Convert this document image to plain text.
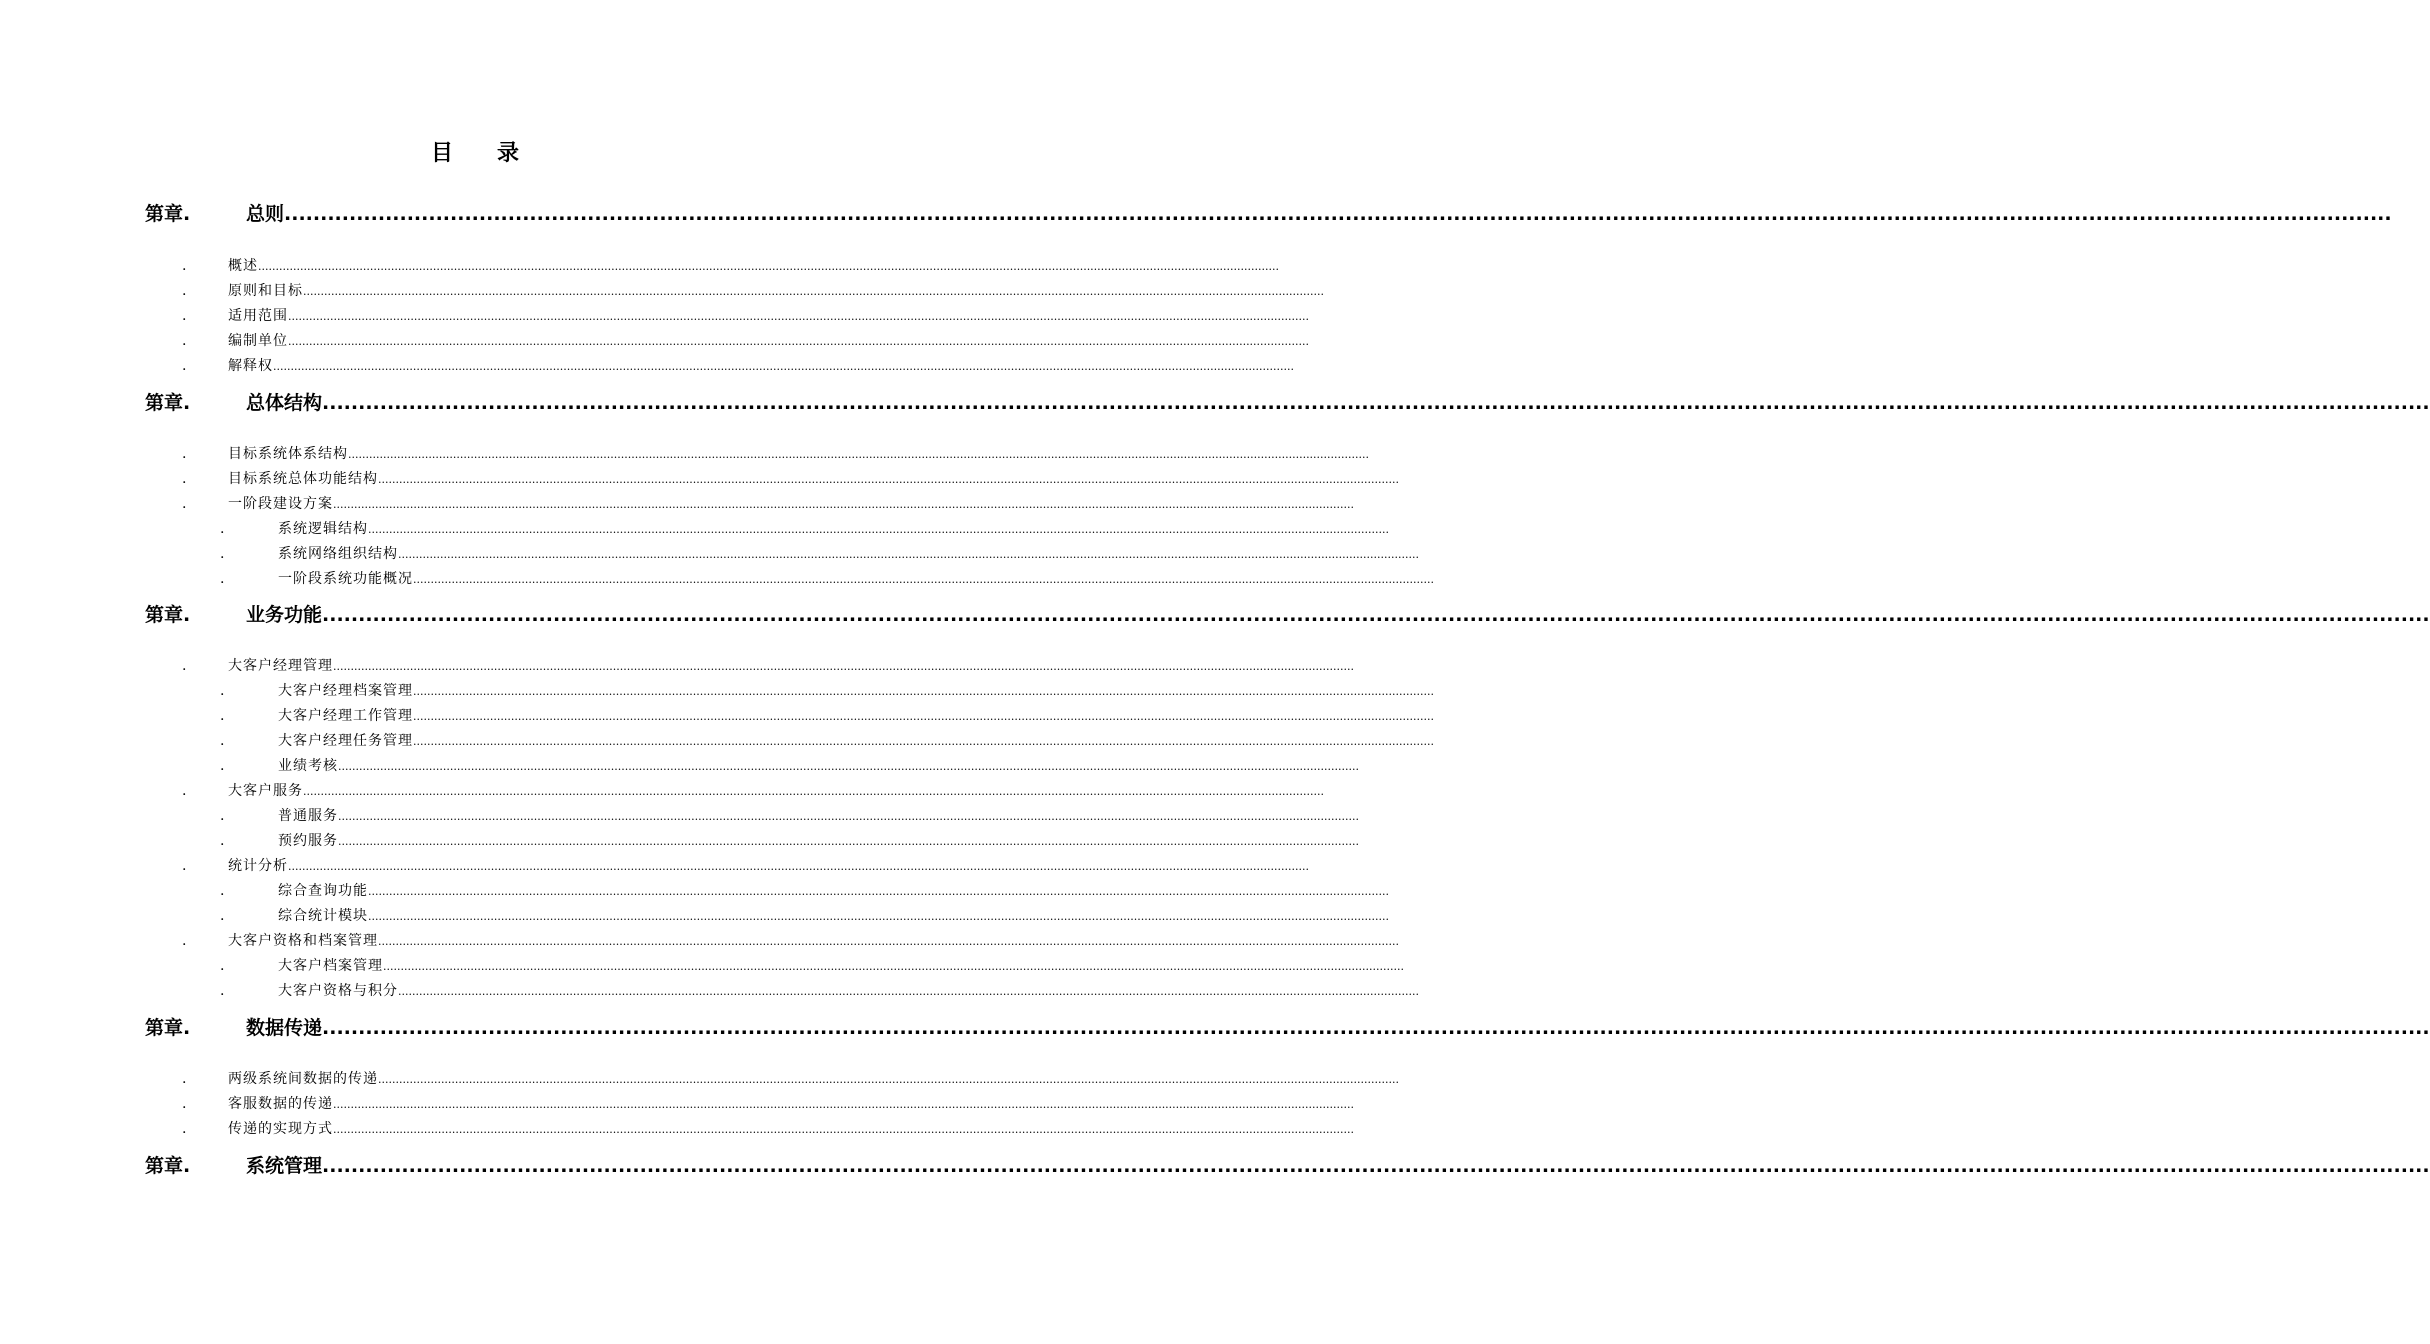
目 录
第章.	总则 ....................................................................................................................................................................................................................................................................................................
.	概述 ....................................................................................................................................................................................................................................................................................................
.	原则和目标 ....................................................................................................................................................................................................................................................................................................
.	适用范围 ....................................................................................................................................................................................................................................................................................................
.	编制单位 ....................................................................................................................................................................................................................................................................................................
.	解释权 ....................................................................................................................................................................................................................................................................................................
第章.	总体结构 ....................................................................................................................................................................................................................................................................................................
.	目标系统体系结构 ....................................................................................................................................................................................................................................................................................................
.	目标系统总体功能结构 ....................................................................................................................................................................................................................................................................................................
.	一阶段建设方案 ....................................................................................................................................................................................................................................................................................................
.	系统逻辑结构 ....................................................................................................................................................................................................................................................................................................
.	系统网络组织结构 ....................................................................................................................................................................................................................................................................................................
.	一阶段系统功能概况 ....................................................................................................................................................................................................................................................................................................
第章.	业务功能 ....................................................................................................................................................................................................................................................................................................
.	大客户经理管理 ....................................................................................................................................................................................................................................................................................................
.	大客户经理档案管理 ....................................................................................................................................................................................................................................................................................................
.	大客户经理工作管理 ....................................................................................................................................................................................................................................................................................................
.	大客户经理任务管理 ....................................................................................................................................................................................................................................................................................................
.	业绩考核 ....................................................................................................................................................................................................................................................................................................
.	大客户服务 ....................................................................................................................................................................................................................................................................................................
.	普通服务 ....................................................................................................................................................................................................................................................................................................
.	预约服务 ....................................................................................................................................................................................................................................................................................................
.	统计分析 ....................................................................................................................................................................................................................................................................................................
.	综合查询功能 ....................................................................................................................................................................................................................................................................................................
.	综合统计模块 ....................................................................................................................................................................................................................................................................................................
.	大客户资格和档案管理 ....................................................................................................................................................................................................................................................................................................
.	大客户档案管理 ....................................................................................................................................................................................................................................................................................................
.	大客户资格与积分 ....................................................................................................................................................................................................................................................................................................
第章.	数据传递 ....................................................................................................................................................................................................................................................................................................
.	两级系统间数据的传递 ....................................................................................................................................................................................................................................................................................................
.	客服数据的传递 ....................................................................................................................................................................................................................................................................................................
.	传递的实现方式 ....................................................................................................................................................................................................................................................................................................
第章.	系统管理 ....................................................................................................................................................................................................................................................................................................
